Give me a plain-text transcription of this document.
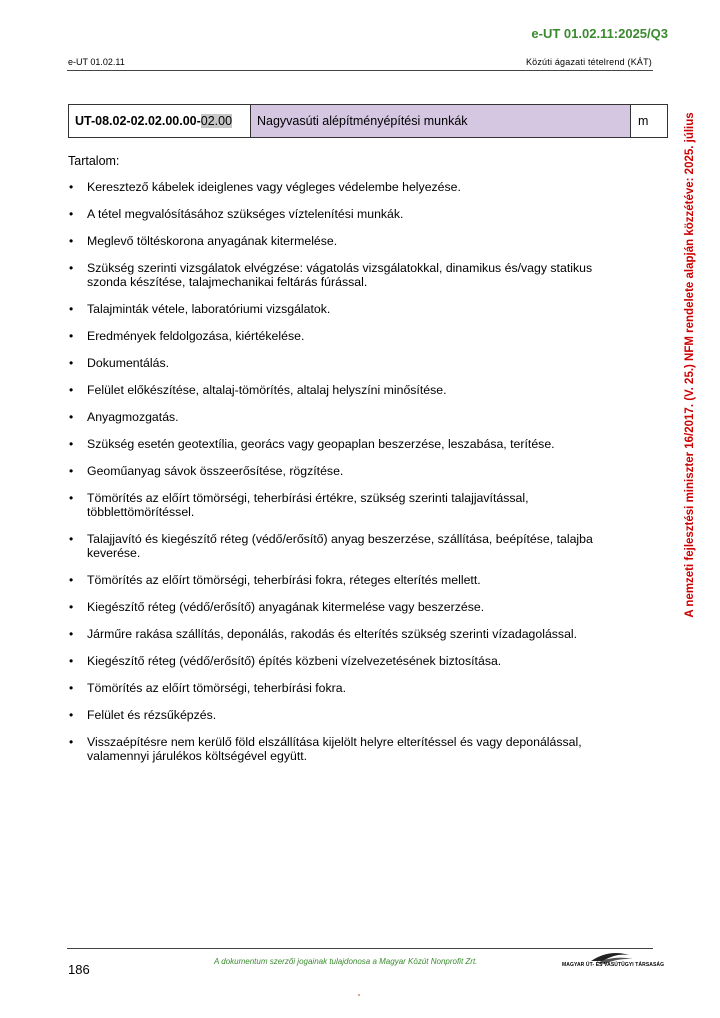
e-UT 01.02.11:2025/Q3
e-UT 01.02.11	Közúti ágazati tételrend (KÁT)
UT-08.02-02.02.00.00- 02.00	Nagyvasúti alépítményépítési munkák	m
Tartalom:
• Keresztező kábelek ideiglenes vagy végleges védelembe helyezése.
• A tétel megvalósításához szükséges víztelenítési munkák.
• Meglevő töltéskorona anyagának kitermelése.
• Szükség szerinti vizsgálatok elvégzése: vágatolás vizsgálatokkal, dinamikus és/vagy statikus szonda készítése, talajmechanikai feltárás fúrással.
• Talajminták vétele, laboratóriumi vizsgálatok.
• Eredmények feldolgozása, kiértékelése.
• Dokumentálás.
• Felület előkészítése, altalaj-tömörítés, altalaj helyszíni minősítése.
• Anyagmozgatás.
• Szükség esetén geotextília, georács vagy geopaplan beszerzése, leszabása, terítése.
• Geoműanyag sávok összeerősítése, rögzítése.
• Tömörítés az előírt tömörségi, teherbírási értékre, szükség szerinti talajjavítással, többlettömörítéssel.
• Talajjavító és kiegészítő réteg (védő/erősítő) anyag beszerzése, szállítása, beépítése, talajba keverése.
• Tömörítés az előírt tömörségi, teherbírási fokra, réteges elterítés mellett.
• Kiegészítő réteg (védő/erősítő) anyagának kitermelése vagy beszerzése.
• Járműre rakása szállítás, deponálás, rakodás és elterítés szükség szerinti vízadagolással.
• Kiegészítő réteg (védő/erősítő) építés közbeni vízelvezetésének biztosítása.
• Tömörítés az előírt tömörségi, teherbírási fokra.
• Felület és rézsűképzés.
• Visszaépítésre nem kerülő föld elszállítása kijelölt helyre elterítéssel és vagy deponálással, valamennyi járulékos költségével együtt.
A nemzeti fejlesztési miniszter 16/2017. (V. 25.) NFM rendelete alapján közzétéve: 2025. július
186
A dokumentum szerzői jogainak tulajdonosa a Magyar Közút Nonprofit Zrt.	MAGYAR ÚT- ÉS VASÚTÜGYI TÁRSASÁG
